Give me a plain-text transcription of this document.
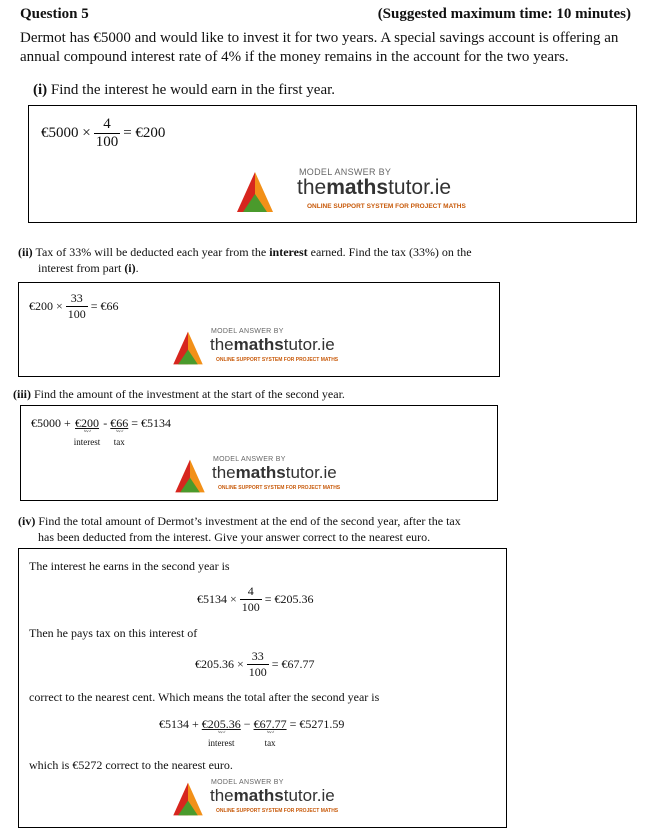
Question 5	(Suggested maximum time: 10 minutes)
Dermot has €5000 and would like to invest it for two years. A special savings account is offering an annual compound interest rate of 4% if the money remains in the account for the two years.
(i) Find the interest he would earn in the first year.
€5000 × $\frac{4}{100}$ = €200
MODEL ANSWER BY
themathstutor.ie
ONLINE SUPPORT SYSTEM FOR PROJECT MATHS
(ii) Tax of 33% will be deducted each year from the interest earned. Find the tax (33%) on the
interest from part (i).
€200 × $\frac{33}{100}$ = €66
MODEL ANSWER BY
themathstutor.ie
ONLINE SUPPORT SYSTEM FOR PROJECT MATHS
(iii) Find the amount of the investment at the start of the second year.
€5000 +
€200
︸
interest

-
€66
︸
tax

= €5134
MODEL ANSWER BY
themathstutor.ie
ONLINE SUPPORT SYSTEM FOR PROJECT MATHS
(iv) Find the total amount of Dermot’s investment at the end of the second year, after the tax
has been deducted from the interest. Give your answer correct to the nearest euro.
The interest he earns in the second year is
€5134 × $\frac{4}{100}$ = €205.36
Then he pays tax on this interest of
€205.36 × $\frac{33}{100}$ = €67.77
correct to the nearest cent. Which means the total after the second year is
€5134 +
€205.36
︸
interest

−
€67.77
︸
tax

= €5271.59
which is €5272 correct to the nearest euro.
MODEL ANSWER BY
themathstutor.ie
ONLINE SUPPORT SYSTEM FOR PROJECT MATHS
